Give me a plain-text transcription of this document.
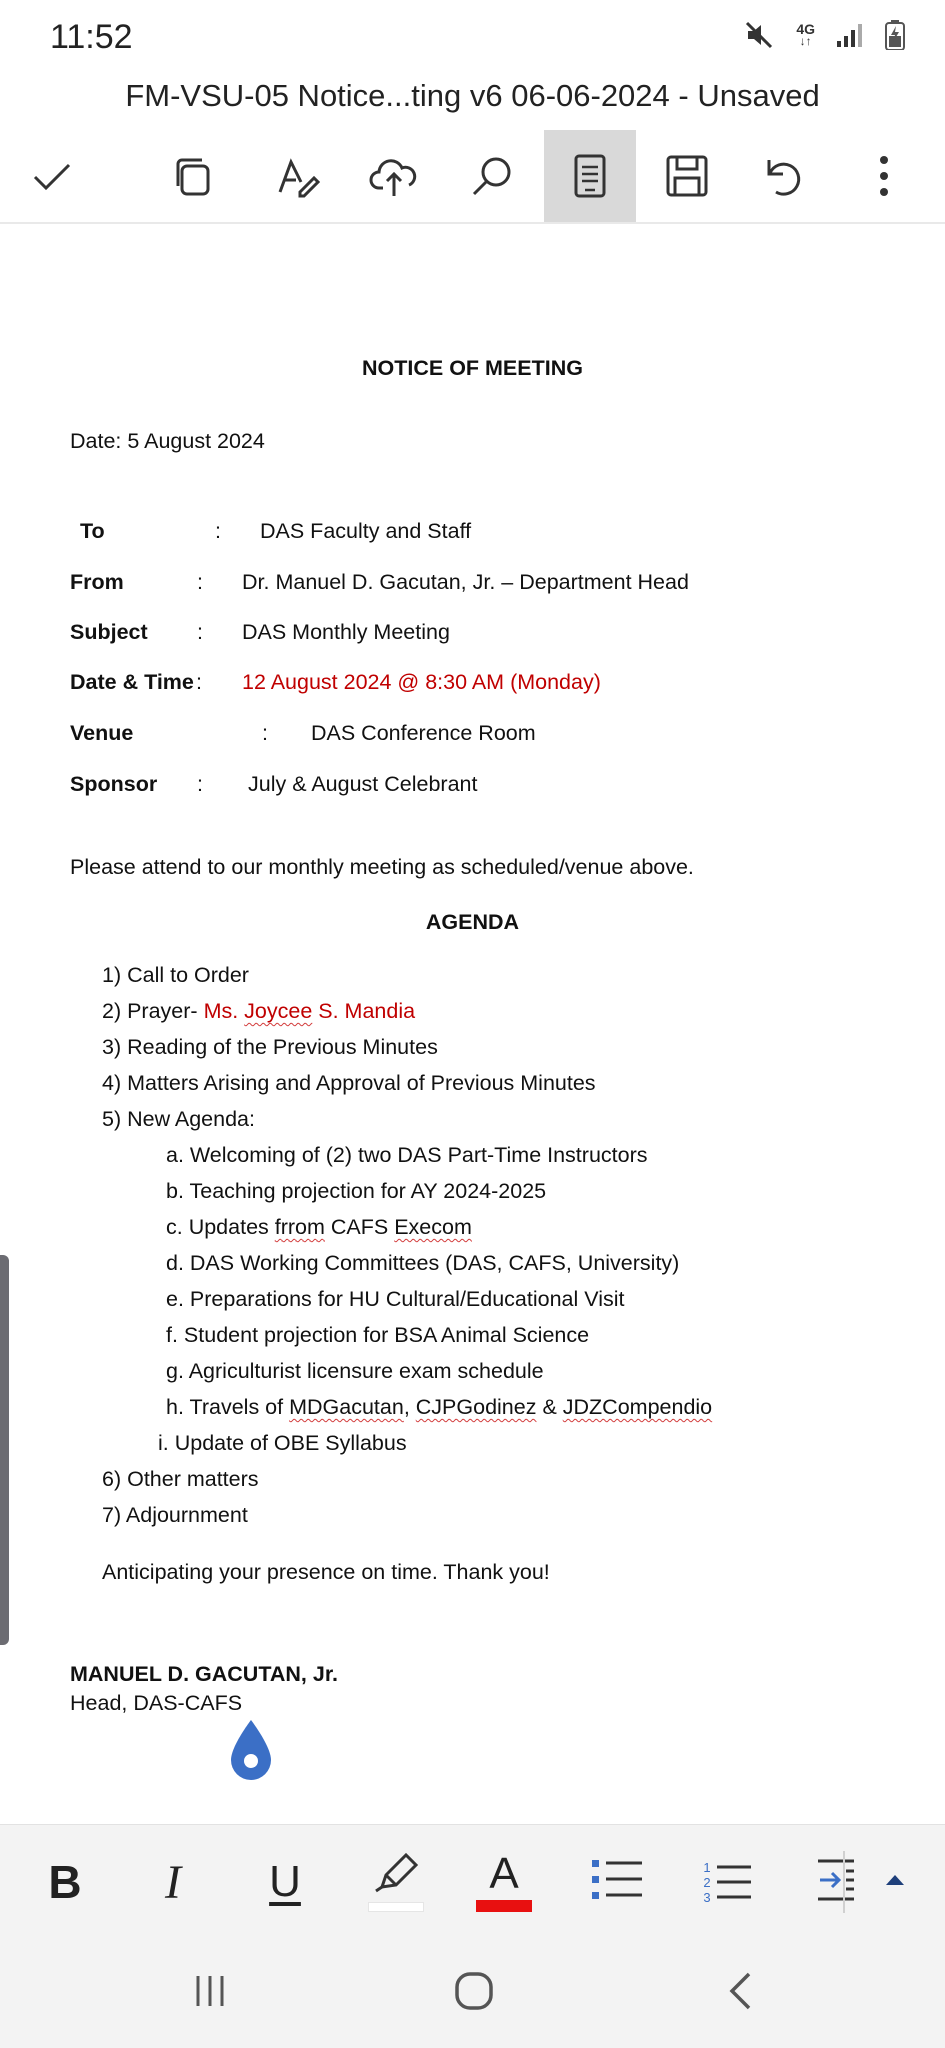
11:52	4G
↓↑
FM-VSU-05 Notice...ting v6 06-06-2024 - Unsaved
NOTICE OF MEETING
Date: 5 August 2024
To	: DAS Faculty and Staff
From	: Dr. Manuel D. Gacutan, Jr. – Department Head
Subject : DAS Monthly Meeting
Date & Time : 12 August 2024 @ 8:30 AM (Monday)
Venue	: DAS Conference Room
Sponsor : July & August Celebrant
Please attend to our monthly meeting as scheduled/venue above.
AGENDA
1) Call to Order
2) Prayer- Ms. Joycee S. Mandia
3) Reading of the Previous Minutes
4) Matters Arising and Approval of Previous Minutes
5) New Agenda:
a. Welcoming of (2) two DAS Part-Time Instructors
b. Teaching projection for AY 2024-2025
c. Updates frrom CAFS Execom
d. DAS Working Committees (DAS, CAFS, University)
e. Preparations for HU Cultural/Educational Visit
f. Student projection for BSA Animal Science
g. Agriculturist licensure exam schedule
h. Travels of MDGacutan, CJPGodinez & JDZCompendio
i. Update of OBE Syllabus
6) Other matters
7) Adjournment
Anticipating your presence on time. Thank you!
MANUEL D. GACUTAN, Jr.
Head, DAS-CAFS
B I U	A	1
2
3
